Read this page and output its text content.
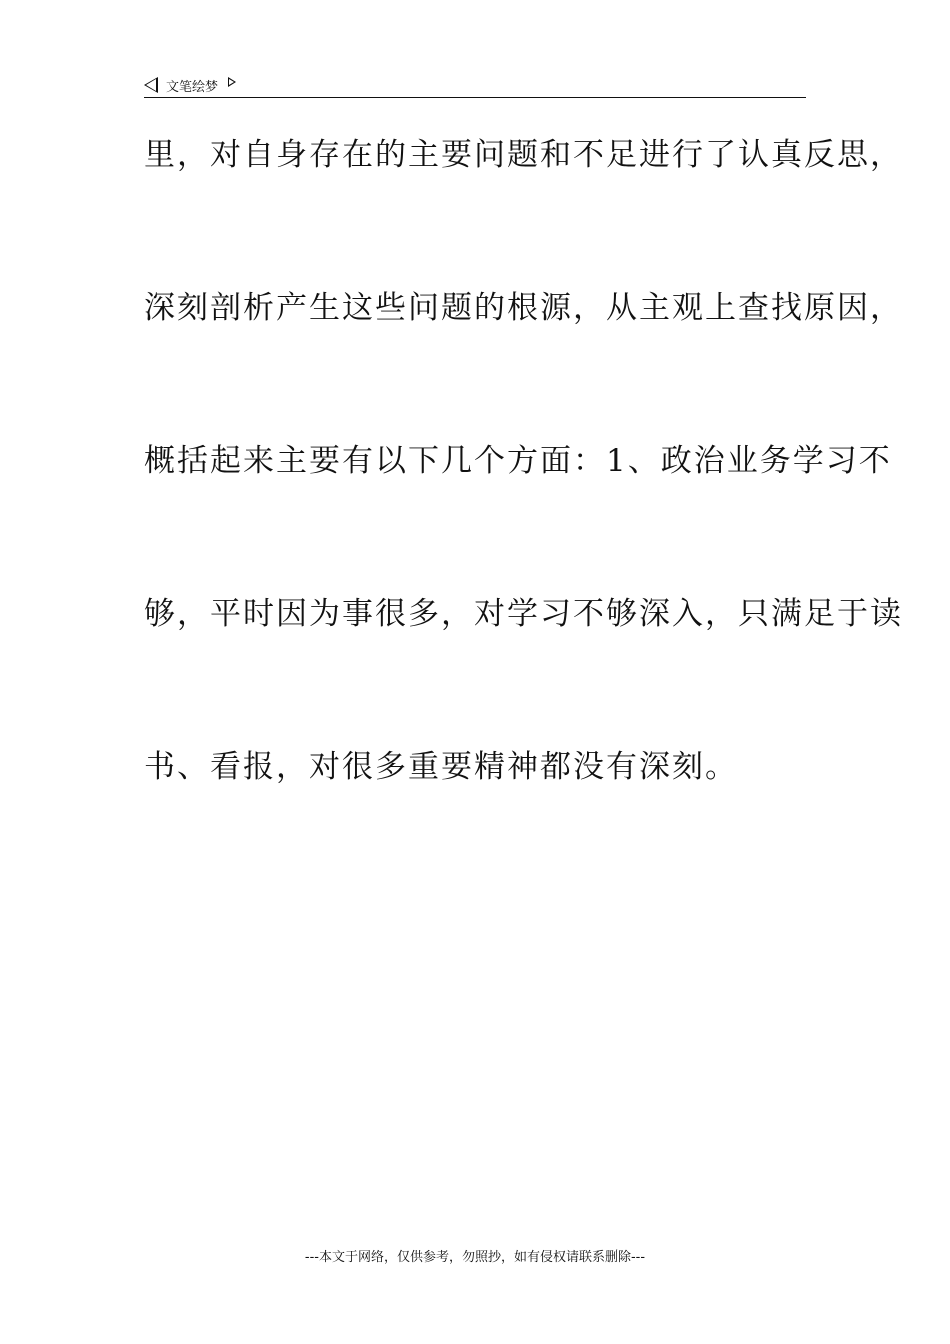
文笔绘梦
里，对自身存在的主要问题和不足进行了认真反思，
深刻剖析产生这些问题的根源，从主观上查找原因，
概括起来主要有以下几个方面：1、政治业务学习不
够，平时因为事很多，对学习不够深入，只满足于读
书、看报，对很多重要精神都没有深刻。
---本文于网络，仅供参考，勿照抄，如有侵权请联系删除---
